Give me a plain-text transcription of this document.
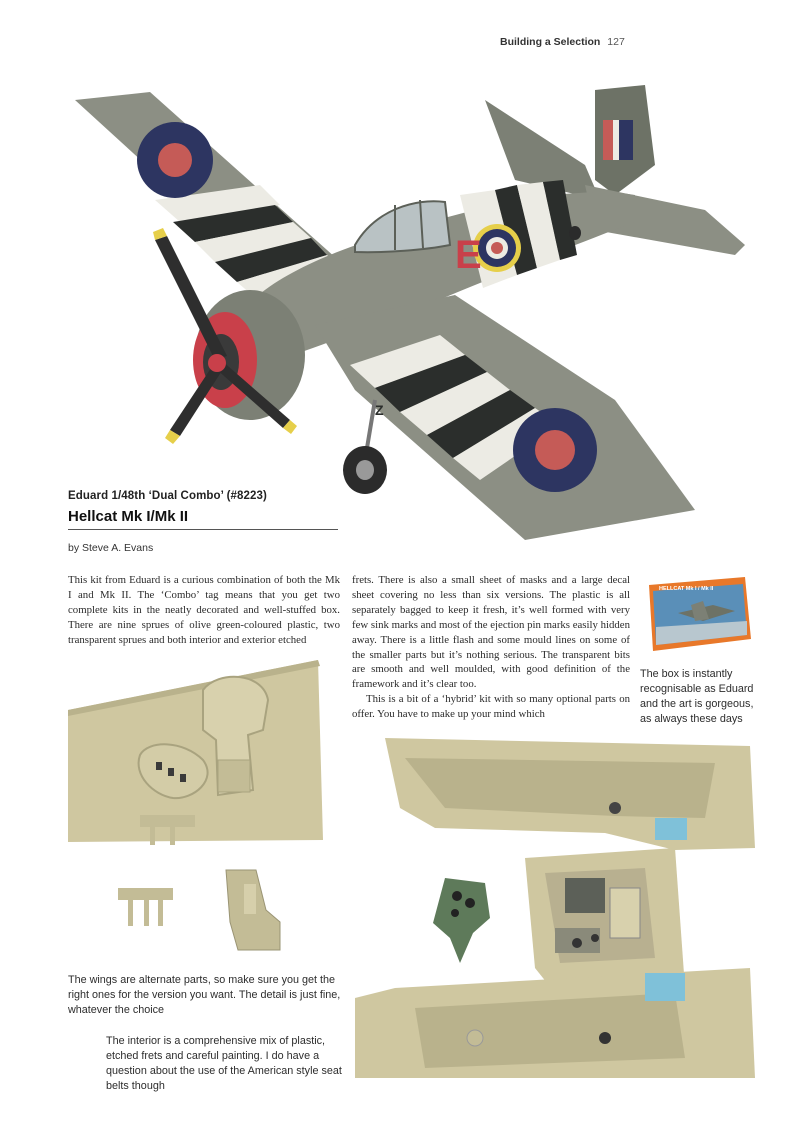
Building a Selection 127
E
Z
Eduard 1/48th ‘Dual Combo’ (#8223)
Hellcat Mk I/Mk II
by Steve A. Evans
This kit from Eduard is a curious combination of both the Mk I and Mk II. The ‘Combo’ tag means that you get two complete kits in the neatly decorated and well-stuffed box. There are nine sprues of olive green-coloured plastic, two transparent sprues and both interior and exterior etched

frets. There is also a small sheet of masks and a large decal sheet covering no less than six versions. The plastic is all separately bagged to keep it fresh, it’s well formed with very few sink marks and most of the ejection pin marks easily hidden away. There is a little flash and some mould lines on some of the smaller parts but it’s nothing serious. The transparent bits are smooth and well moulded, with good definition of the framework and it’s clear too.

This is a bit of a ‘hybrid’ kit with so many optional parts on offer. You have to make up your mind which

HELLCAT Mk I / Mk II
The box is instantly recognisable as Eduard and the art is gorgeous, as always these days
The wings are alternate parts, so make sure you get the right ones for the version you want. The detail is just fine, whatever the choice
The interior is a comprehensive mix of plastic, etched frets and careful painting. I do have a question about the use of the American style seat belts though
